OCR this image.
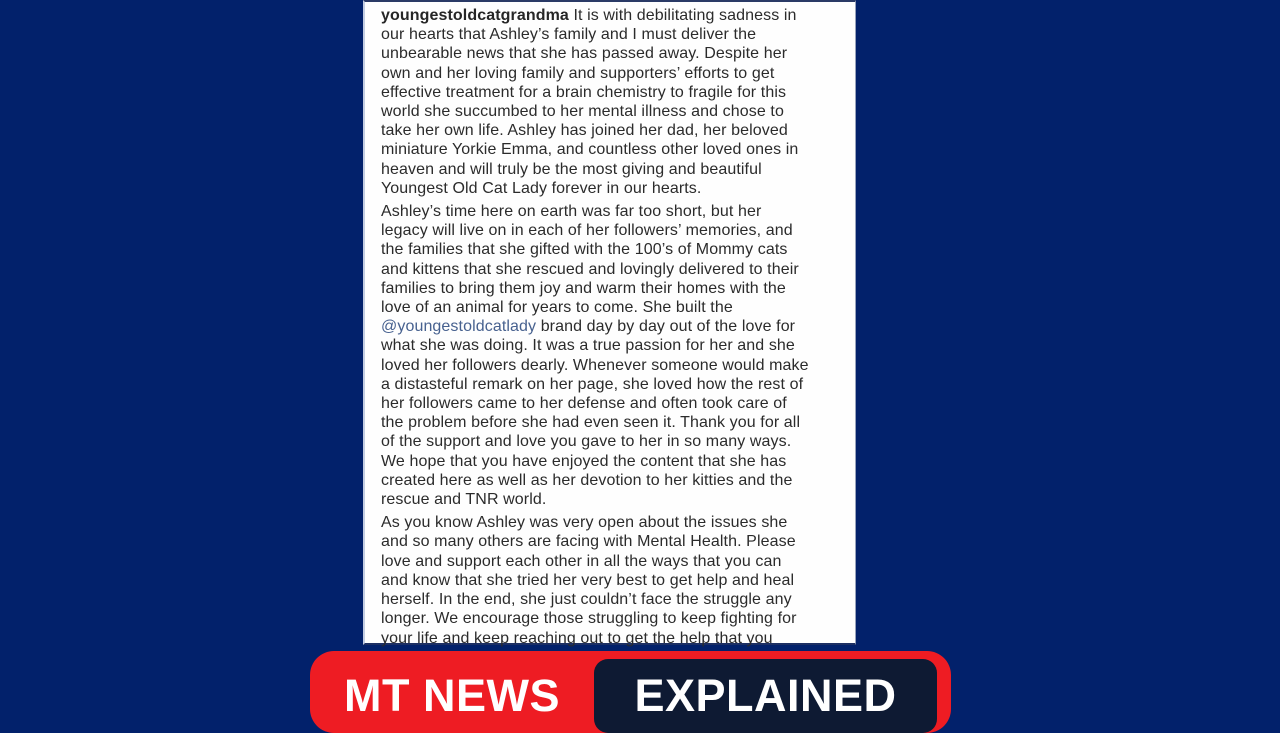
youngestoldcatgrandma It is with debilitating sadness in
our hearts that Ashley’s family and I must deliver the
unbearable news that she has passed away. Despite her
own and her loving family and supporters’ efforts to get
effective treatment for a brain chemistry to fragile for this
world she succumbed to her mental illness and chose to
take her own life. Ashley has joined her dad, her beloved
miniature Yorkie Emma, and countless other loved ones in
heaven and will truly be the most giving and beautiful
Youngest Old Cat Lady forever in our hearts.
Ashley’s time here on earth was far too short, but her
legacy will live on in each of her followers’ memories, and
the families that she gifted with the 100’s of Mommy cats
and kittens that she rescued and lovingly delivered to their
families to bring them joy and warm their homes with the
love of an animal for years to come. She built the
@youngestoldcatlady brand day by day out of the love for
what she was doing. It was a true passion for her and she
loved her followers dearly. Whenever someone would make
a distasteful remark on her page, she loved how the rest of
her followers came to her defense and often took care of
the problem before she had even seen it. Thank you for all
of the support and love you gave to her in so many ways.
We hope that you have enjoyed the content that she has
created here as well as her devotion to her kitties and the
rescue and TNR world.
As you know Ashley was very open about the issues she
and so many others are facing with Mental Health. Please
love and support each other in all the ways that you can
and know that she tried her very best to get help and heal
herself. In the end, she just couldn’t face the struggle any
longer. We encourage those struggling to keep fighting for
your life and keep reaching out to get the help that you
MT NEWS	EXPLAINED
